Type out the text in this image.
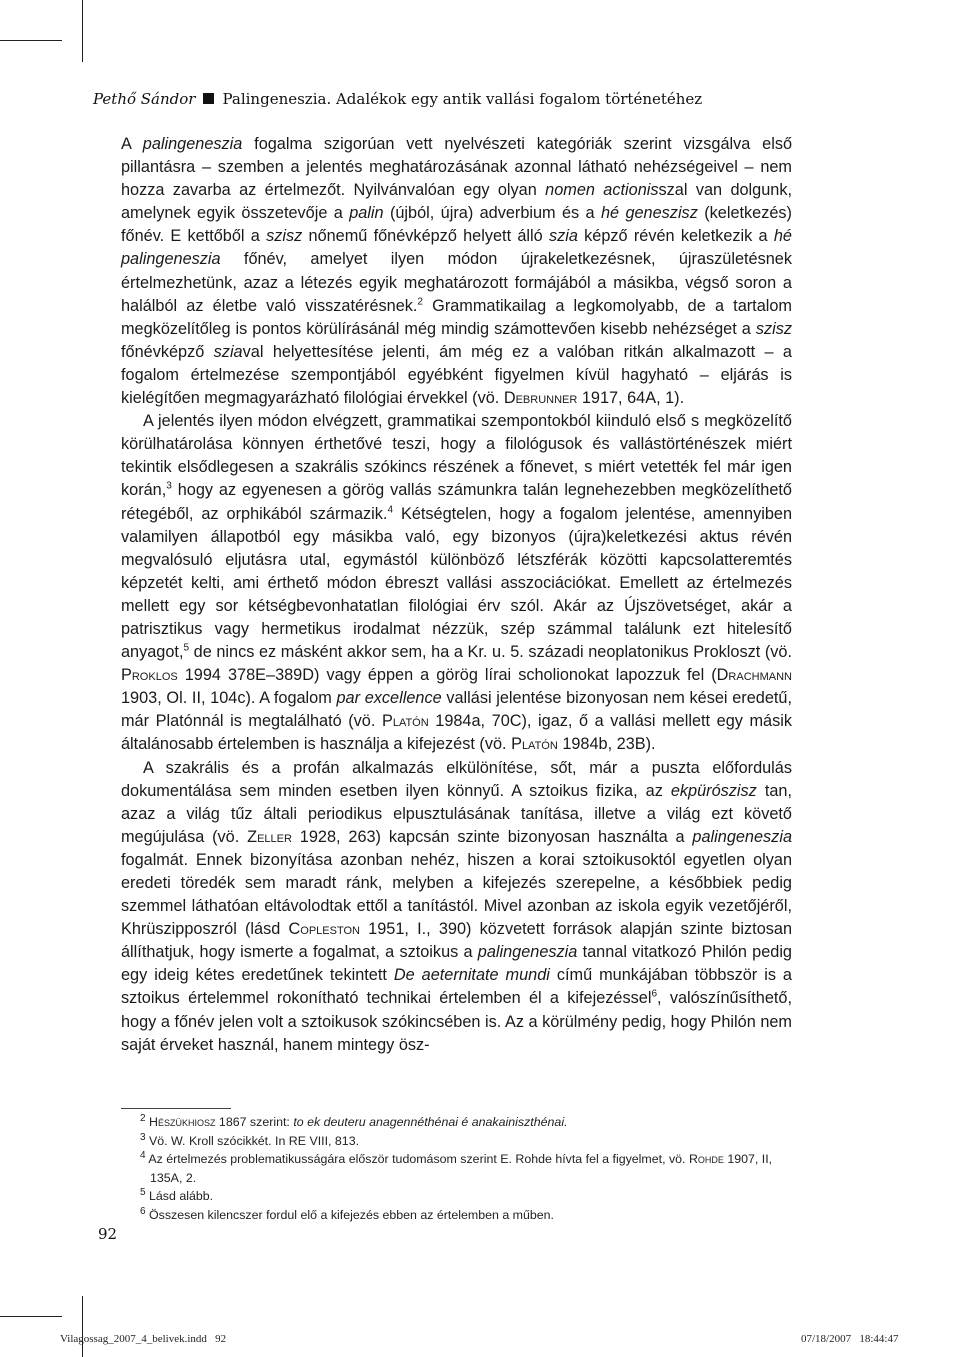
Pethő Sándor Palingeneszia. Adalékok egy antik vallási fogalom történetéhez

A palingeneszia fogalma szigorúan vett nyelvészeti kategóriák szerint vizsgálva első pillantásra – szemben a jelentés meghatározásának azonnal látható nehézségeivel – nem hozza zavarba az értelmezőt. Nyilvánvalóan egy olyan nomen actionisszal van dolgunk, amelynek egyik összetevője a palin (újból, újra) adverbium és a hé geneszisz (keletkezés) főnév. E kettőből a szisz nőnemű főnévképző helyett álló szia képző révén keletkezik a hé palingeneszia főnév, amelyet ilyen módon újrakeletkezésnek, újraszületésnek értelmezhetünk, azaz a létezés egyik meghatározott formájából a másikba, végső soron a halálból az életbe való visszatérésnek.$^2$ Grammatikailag a legkomolyabb, de a tartalom megközelítőleg is pontos körülírásánál még mindig számottevően kisebb nehézséget a szisz főnévképző sziaval helyettesítése jelenti, ám még ez a valóban ritkán alkalmazott – a fogalom értelmezése szempontjából egyébként figyelmen kívül hagyható – eljárás is kielégítően megmagyarázható filológiai érvekkel (vö. Debrunner 1917, 64A, 1).

A jelentés ilyen módon elvégzett, grammatikai szempontokból kiinduló első s megközelítő körülhatárolása könnyen érthetővé teszi, hogy a filológusok és vallástörténészek miért tekintik elsődlegesen a szakrális szókincs részének a főnevet, s miért vetették fel már igen korán,$^3$ hogy az egyenesen a görög vallás számunkra talán legnehezebben megközelíthető rétegéből, az orphikából származik.$^4$ Kétségtelen, hogy a fogalom jelentése, amennyiben valamilyen állapotból egy másikba való, egy bizonyos (újra)keletkezési aktus révén megvalósuló eljutásra utal, egymástól különböző létszférák közötti kapcsolatteremtés képzetét kelti, ami érthető módon ébreszt vallási asszociációkat. Emellett az értelmezés mellett egy sor kétségbevonhatatlan filológiai érv szól. Akár az Újszövetséget, akár a patrisztikus vagy hermetikus irodalmat nézzük, szép számmal találunk ezt hitelesítő anyagot,$^5$ de nincs ez másként akkor sem, ha a Kr. u. 5. századi neoplatonikus Prokloszt (vö. Proklos 1994 378E–389D) vagy éppen a görög lírai scholionokat lapozzuk fel (Drachmann 1903, Ol. II, 104c). A fogalom par excellence vallási jelentése bizonyosan nem kései eredetű, már Platónnál is megtalálható (vö. Platón 1984a, 70C), igaz, ő a vallási mellett egy másik általánosabb értelemben is használja a kifejezést (vö. Platón 1984b, 23B).

A szakrális és a profán alkalmazás elkülönítése, sőt, már a puszta előfordulás dokumentálása sem minden esetben ilyen könnyű. A sztoikus fizika, az ekpürószisz tan, azaz a világ tűz általi periodikus elpusztulásának tanítása, illetve a világ ezt követő megújulása (vö. Zeller 1928, 263) kapcsán szinte bizonyosan használta a palingeneszia fogalmát. Ennek bizonyítása azonban nehéz, hiszen a korai sztoikusoktól egyetlen olyan eredeti töredék sem maradt ránk, melyben a kifejezés szerepelne, a későbbiek pedig szemmel láthatóan eltávolodtak ettől a tanítástól. Mivel azonban az iskola egyik vezetőjéről, Khrüszipposzról (lásd Copleston 1951, I., 390) közvetett források alapján szinte biztosan állíthatjuk, hogy ismerte a fogalmat, a sztoikus a palingeneszia tannal vitatkozó Philón pedig egy ideig kétes eredetűnek tekintett De aeternitate mundi című munkájában többször is a sztoikus értelemmel rokonítható technikai értelemben él a kifejezéssel$^6$, valószínűsíthető, hogy a főnév jelen volt a sztoikusok szókincsében is. Az a körülmény pedig, hogy Philón nem saját érveket használ, hanem mintegy ösz-

$^2$ Hészükhiosz 1867 szerint: to ek deuteru anagennéthénai é anakainiszthénai.

$^3$ Vö. W. Kroll szócikkét. In RE VIII, 813.

$^4$ Az értelmezés problematikusságára először tudomásom szerint E. Rohde hívta fel a figyelmet, vö. Rohde 1907, II, 135A, 2.

$^5$ Lásd alább.

$^6$ Összesen kilencszer fordul elő a kifejezés ebben az értelemben a műben.

92
Vilagossag_2007_4_belivek.indd   92	07/18/2007   18:44:47
